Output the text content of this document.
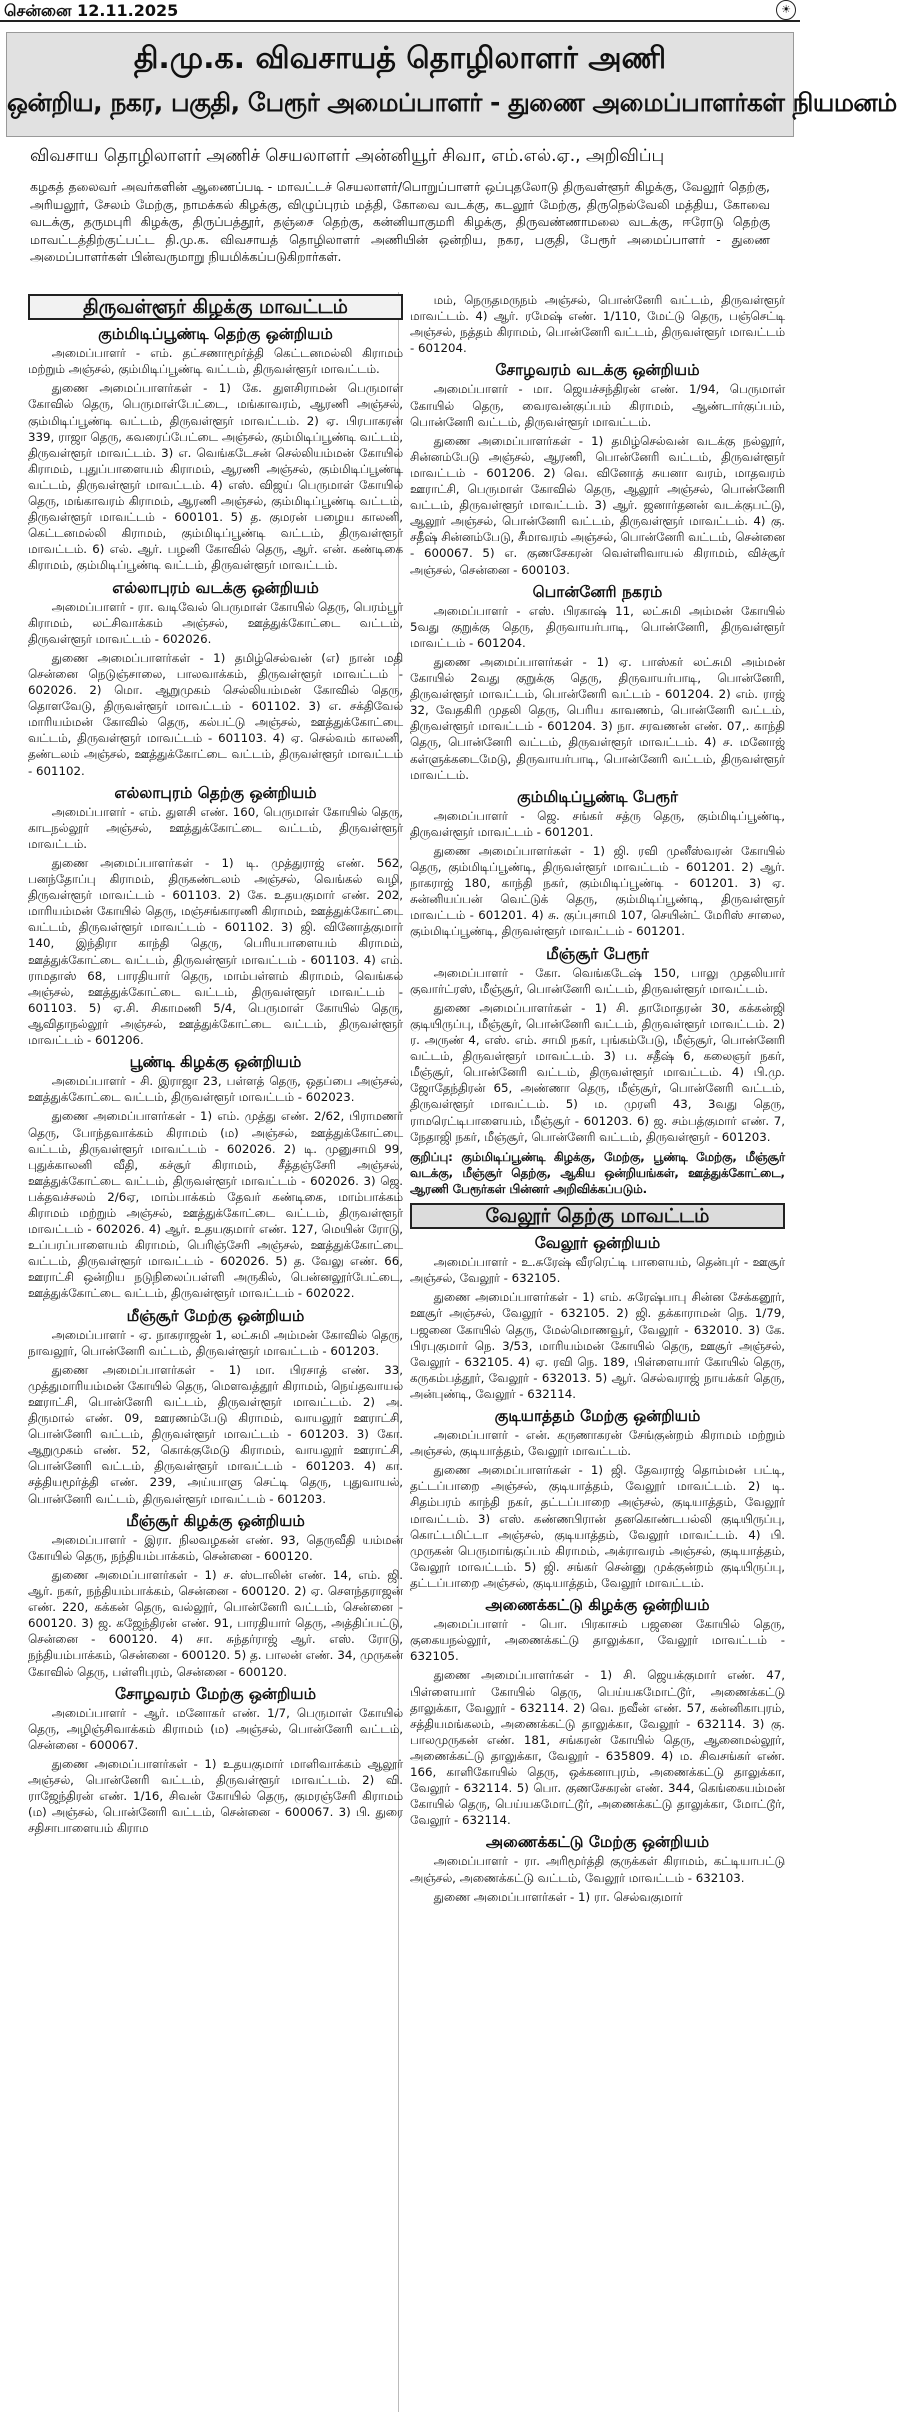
சென்னை 12.11.2025	☀
தி.மு.க. விவசாயத் தொழிலாளர் அணி
ஒன்றிய, நகர, பகுதி, பேரூர் அமைப்பாளர் - துணை அமைப்பாளர்கள் நியமனம்
விவசாய தொழிலாளர் அணிச் செயலாளர் அன்னியூர் சிவா, எம்.எல்.ஏ., அறிவிப்பு
கழகத் தலைவர் அவர்களின் ஆணைப்படி - மாவட்டச் செயலாளர்/பொறுப்பாளர் ஒப்புதலோடு திருவள்ளூர் கிழக்கு, வேலூர் தெற்கு, அரியலூர், சேலம் மேற்கு, நாமக்கல் கிழக்கு, விழுப்புரம் மத்தி, கோவை வடக்கு, கடலூர் மேற்கு, திருநெல்வேலி மத்திய, கோவை வடக்கு, தருமபுரி கிழக்கு, திருப்பத்தூர், தஞ்சை தெற்கு, கன்னியாகுமரி கிழக்கு, திருவண்ணாமலை வடக்கு, ஈரோடு தெற்கு மாவட்டத்திற்குட்பட்ட தி.மு.க. விவசாயத் தொழிலாளர் அணியின் ஒன்றிய, நகர, பகுதி, பேரூர் அமைப்பாளர் - துணை அமைப்பாளர்கள் பின்வருமாறு நியமிக்கப்படுகிறார்கள்.
திருவள்ளூர் கிழக்கு மாவட்டம்
கும்மிடிப்பூண்டி தெற்கு ஒன்றியம்
அமைப்பாளர் - எம். தட்சணாமூர்த்தி கெட்டனமல்லி கிராமம் மற்றும் அஞ்சல், கும்மிடிப்பூண்டி வட்டம், திருவள்ளூர் மாவட்டம்.
துணை அமைப்பாளர்கள் - 1) கே. துளசிராமன் பெருமாள் கோவில் தெரு, பெருமாள்பேட்டை, மங்காவரம், ஆரணி அஞ்சல், கும்மிடிப்பூண்டி வட்டம், திருவள்ளூர் மாவட்டம். 2) ஏ. பிரபாகரன் 339, ராஜா தெரு, கவரைப்பேட்டை அஞ்சல், கும்மிடிப்பூண்டி வட்டம், திருவள்ளூர் மாவட்டம். 3) எ. வெங்கடேசன் செல்லியம்மன் கோயில் கிராமம், புதுப்பாளையம் கிராமம், ஆரணி அஞ்சல், கும்மிடிப்பூண்டி வட்டம், திருவள்ளூர் மாவட்டம். 4) எஸ். விஜய் பெருமாள் கோயில் தெரு, மங்காவரம் கிராமம், ஆரணி அஞ்சல், கும்மிடிப்பூண்டி வட்டம், திருவள்ளூர் மாவட்டம் - 600101. 5) த. குமரன் பழைய காலனி, கெட்டனமல்லி கிராமம், கும்மிடிப்பூண்டி வட்டம், திருவள்ளூர் மாவட்டம். 6) எல். ஆர். பழனி கோவில் தெரு, ஆர். என். கண்டிகை கிராமம், கும்மிடிப்பூண்டி வட்டம், திருவள்ளூர் மாவட்டம்.
எல்லாபுரம் வடக்கு ஒன்றியம்
அமைப்பாளர் - ரா. வடிவேல் பெருமாள் கோயில் தெரு, பெரம்பூர் கிராமம், லட்சிவாக்கம் அஞ்சல், ஊத்துக்கோட்டை வட்டம், திருவள்ளூர் மாவட்டம் - 602026.
துணை அமைப்பாளர்கள் - 1) தமிழ்செல்வன் (எ) நான் மதி சென்னை நெடுஞ்சாலை, பாலவாக்கம், திருவள்ளூர் மாவட்டம் - 602026. 2) மொ. ஆறுமுகம் செல்லியம்மன் கோவில் தெரு, தொளவேடு, திருவள்ளூர் மாவட்டம் - 601102. 3) எ. சக்திவேல் மாரியம்மன் கோவில் தெரு, கல்பட்டு அஞ்சல், ஊத்துக்கோட்டை வட்டம், திருவள்ளூர் மாவட்டம் - 601103. 4) ஏ. செல்வம் காலனி, தண்டலம் அஞ்சல், ஊத்துக்கோட்டை வட்டம், திருவள்ளூர் மாவட்டம் - 601102.
எல்லாபுரம் தெற்கு ஒன்றியம்
அமைப்பாளர் - எம். துளசி எண். 160, பெருமாள் கோயில் தெரு, காடநல்லூர் அஞ்சல், ஊத்துக்கோட்டை வட்டம், திருவள்ளூர் மாவட்டம்.
துணை அமைப்பாளர்கள் - 1) டி. முத்துராஜ் எண். 562, பனந்தோப்பு கிராமம், திருகண்டலம் அஞ்சல், வெங்கல் வழி, திருவள்ளூர் மாவட்டம் - 601103. 2) கே. உதயகுமார் எண். 202, மாரியம்மன் கோயில் தெரு, மஞ்சங்காரணி கிராமம், ஊத்துக்கோட்டை வட்டம், திருவள்ளூர் மாவட்டம் - 601102. 3) ஜி. வினோத்குமார் 140, இந்திரா காந்தி தெரு, பெரியபாளையம் கிராமம், ஊத்துக்கோட்டை வட்டம், திருவள்ளூர் மாவட்டம் - 601103. 4) எம். ராமதாஸ் 68, பாரதியார் தெரு, மாம்பள்ளம் கிராமம், வெங்கல் அஞ்சல், ஊத்துக்கோட்டை வட்டம், திருவள்ளூர் மாவட்டம் - 601103. 5) ஏ.சி. சிகாமணி 5/4, பெருமாள் கோயில் தெரு, ஆவிதாநல்லூர் அஞ்சல், ஊத்துக்கோட்டை வட்டம், திருவள்ளூர் மாவட்டம் - 601206.
பூண்டி கிழக்கு ஒன்றியம்
அமைப்பாளர் - சி. இராஜா 23, பள்ளத் தெரு, ஒதப்பை அஞ்சல், ஊத்துக்கோட்டை வட்டம், திருவள்ளூர் மாவட்டம் - 602023.
துணை அமைப்பாளர்கள் - 1) எம். முத்து எண். 2/62, பிராமணர் தெரு, போந்தவாக்கம் கிராமம் (ம) அஞ்சல், ஊத்துக்கோட்டை வட்டம், திருவள்ளூர் மாவட்டம் - 602026. 2) டி. முனுசாமி 99, புதுக்காலனி வீதி, கச்சூர் கிராமம், சீத்தஞ்சேரி அஞ்சல், ஊத்துக்கோட்டை வட்டம், திருவள்ளூர் மாவட்டம் - 602026. 3) ஜெ. பக்தவச்சலம் 2/6ஏ, மாம்பாக்கம் தேவர் கண்டிகை, மாம்பாக்கம் கிராமம் மற்றும் அஞ்சல், ஊத்துக்கோட்டை வட்டம், திருவள்ளூர் மாவட்டம் - 602026. 4) ஆர். உதயகுமார் எண். 127, மெயின் ரோடு, உப்பரப்பாளையம் கிராமம், பெரிஞ்சேரி அஞ்சல், ஊத்துக்கோட்டை வட்டம், திருவள்ளூர் மாவட்டம் - 602026. 5) த. வேலு எண். 66, ஊராட்சி ஒன்றிய நடுநிலைப்பள்ளி அருகில், பென்னலூர்பேட்டை, ஊத்துக்கோட்டை வட்டம், திருவள்ளூர் மாவட்டம் - 602022.
மீஞ்சூர் மேற்கு ஒன்றியம்
அமைப்பாளர் - ஏ. நாகராஜன் 1, லட்சுமி அம்மன் கோவில் தெரு, நாவலூர், பொன்னேரி வட்டம், திருவள்ளூர் மாவட்டம் - 601203.
துணை அமைப்பாளர்கள் - 1) மா. பிரசாத் எண். 33, முத்துமாரியம்மன் கோயில் தெரு, மௌவத்தூர் கிராமம், நெய்தவாயல் ஊராட்சி, பொன்னேரி வட்டம், திருவள்ளூர் மாவட்டம். 2) அ. திருமால் எண். 09, ஊரணம்பேடு கிராமம், வாயலூர் ஊராட்சி, பொன்னேரி வட்டம், திருவள்ளூர் மாவட்டம் - 601203. 3) கோ. ஆறுமுகம் எண். 52, கொக்குமேடு கிராமம், வாயலூர் ஊராட்சி, பொன்னேரி வட்டம், திருவள்ளூர் மாவட்டம் - 601203. 4) கா. சத்தியமூர்த்தி எண். 239, அய்யாளு செட்டி தெரு, புதுவாயல், பொன்னேரி வட்டம், திருவள்ளூர் மாவட்டம் - 601203.
மீஞ்சூர் கிழக்கு ஒன்றியம்
அமைப்பாளர் - இரா. நிலவழகன் எண். 93, தெருவீதி யம்மன் கோயில் தெரு, நந்தியம்பாக்கம், சென்னை - 600120.
துணை அமைப்பாளர்கள் - 1) ச. ஸ்டாலின் எண். 14, எம். ஜி. ஆர். நகர், நந்தியம்பாக்கம், சென்னை - 600120. 2) ஏ. சௌந்தராஜன் எண். 220, கக்கன் தெரு, வல்லூர், பொன்னேரி வட்டம், சென்னை - 600120. 3) ஜ. கஜேந்திரன் எண். 91, பாரதியார் தெரு, அத்திப்பட்டு, சென்னை - 600120. 4) சா. சுந்தர்ராஜ் ஆர். எஸ். ரோடு, நந்தியம்பாக்கம், சென்னை - 600120. 5) த. பாலன் எண். 34, முருகன் கோவில் தெரு, பள்ளிபுரம், சென்னை - 600120.
சோழவரம் மேற்கு ஒன்றியம்
அமைப்பாளர் - ஆர். மனோகர் எண். 1/7, பெருமாள் கோயில் தெரு, அழிஞ்சிவாக்கம் கிராமம் (ம) அஞ்சல், பொன்னேரி வட்டம், சென்னை - 600067.
துணை அமைப்பாளர்கள் - 1) உதயகுமார் மாளிவாக்கம் ஆலூர் அஞ்சல், பொன்னேரி வட்டம், திருவள்ளூர் மாவட்டம். 2) வி. ராஜேந்திரன் எண். 1/16, சிவன் கோயில் தெரு, குமரஞ்சேரி கிராமம் (ம) அஞ்சல், பொன்னேரி வட்டம், சென்னை - 600067. 3) பி. துரை சதிசாபாளையம் கிராம
மம், நெருதமருநம் அஞ்சல், பொன்னேரி வட்டம், திருவள்ளூர் மாவட்டம். 4) ஆர். ரமேஷ் எண். 1/110, மேட்டு தெரு, பஞ்செட்டி அஞ்சல், நத்தம் கிராமம், பொன்னேரி வட்டம், திருவள்ளூர் மாவட்டம் - 601204.
சோழவரம் வடக்கு ஒன்றியம்
அமைப்பாளர் - மா. ஜெயச்சந்திரன் எண். 1/94, பெருமாள் கோயில் தெரு, வைரவன்குப்பம் கிராமம், ஆண்டார்குப்பம், பொன்னேரி வட்டம், திருவள்ளூர் மாவட்டம்.
துணை அமைப்பாளர்கள் - 1) தமிழ்செல்வன் வடக்கு நல்லூர், சின்னம்பேடு அஞ்சல், ஆரணி, பொன்னேரி வட்டம், திருவள்ளூர் மாவட்டம் - 601206. 2) வெ. வினோத் சுயனா வரம், மாதவரம் ஊராட்சி, பெருமாள் கோவில் தெரு, ஆலூர் அஞ்சல், பொன்னேரி வட்டம், திருவள்ளூர் மாவட்டம். 3) ஆர். ஜனார்தனன் வடக்குபட்டு, ஆலூர் அஞ்சல், பொன்னேரி வட்டம், திருவள்ளூர் மாவட்டம். 4) கு. சதீஷ் சின்னம்பேடு, சீமாவரம் அஞ்சல், பொன்னேரி வட்டம், சென்னை - 600067. 5) எ. குணசேகரன் வெள்ளிவாயல் கிராமம், விச்சூர் அஞ்சல், சென்னை - 600103.
பொன்னேரி நகரம்
அமைப்பாளர் - எஸ். பிரகாஷ் 11, லட்சுமி அம்மன் கோயில் 5வது குறுக்கு தெரு, திருவாயர்பாடி, பொன்னேரி, திருவள்ளூர் மாவட்டம் - 601204.
துணை அமைப்பாளர்கள் - 1) ஏ. பாஸ்கர் லட்சுமி அம்மன் கோயில் 2வது குறுக்கு தெரு, திருவாயர்பாடி, பொன்னேரி, திருவள்ளூர் மாவட்டம், பொன்னேரி வட்டம் - 601204. 2) எம். ராஜ் 32, வேதகிரி முதலி தெரு, பெரிய காவணம், பொன்னேரி வட்டம், திருவள்ளூர் மாவட்டம் - 601204. 3) நா. சரவணன் எண். 07,. காந்தி தெரு, பொன்னேரி வட்டம், திருவள்ளூர் மாவட்டம். 4) ச. மனோஜ் கள்ளுக்கடைமேடு, திருவாயர்பாடி, பொன்னேரி வட்டம், திருவள்ளூர் மாவட்டம்.
கும்மிடிப்பூண்டி பேரூர்
அமைப்பாளர் - ஜெ. சங்கர் சத்ரு தெரு, கும்மிடிப்பூண்டி, திருவள்ளூர் மாவட்டம் - 601201.
துணை அமைப்பாளர்கள் - 1) ஜி. ரவி முனீஸ்வரன் கோயில் தெரு, கும்மிடிப்பூண்டி, திருவள்ளூர் மாவட்டம் - 601201. 2) ஆர். நாகராஜ் 180, காந்தி நகர், கும்மிடிப்பூண்டி - 601201. 3) ஏ. சுன்னியப்பன் வெட்டுக் தெரு, கும்மிடிப்பூண்டி, திருவள்ளூர் மாவட்டம் - 601201. 4) சு. குப்புசாமி 107, செயின்ட் மேரிஸ் சாலை, கும்மிடிப்பூண்டி, திருவள்ளூர் மாவட்டம் - 601201.
மீஞ்சூர் பேரூர்
அமைப்பாளர் - கோ. வெங்கடேஷ் 150, பாலு முதலியார் குவார்ட்ரஸ், மீஞ்சூர், பொன்னேரி வட்டம், திருவள்ளூர் மாவட்டம்.
துணை அமைப்பாளர்கள் - 1) சி. தாமோதரன் 30, கக்கன்ஜி குடியிருப்பு, மீஞ்சூர், பொன்னேரி வட்டம், திருவள்ளூர் மாவட்டம். 2) ர. அருண் 4, எஸ். எம். சாமி நகர், புங்கம்பேடு, மீஞ்சூர், பொன்னேரி வட்டம், திருவள்ளூர் மாவட்டம். 3) ப. சதீஷ் 6, கலைஞர் நகர், மீஞ்சூர், பொன்னேரி வட்டம், திருவள்ளூர் மாவட்டம். 4) பி.மு. ஜோதேந்திரன் 65, அண்ணா தெரு, மீஞ்சூர், பொன்னேரி வட்டம், திருவள்ளூர் மாவட்டம். 5) ம. முரளி 43, 3வது தெரு, ராமரெட்டிபாளையம், மீஞ்சூர் - 601203. 6) ஜ. சம்பத்குமார் எண். 7, நேதாஜி நகர், மீஞ்சூர், பொன்னேரி வட்டம், திருவள்ளூர் - 601203.
குறிப்பு: கும்மிடிப்பூண்டி கிழக்கு, மேற்கு, பூண்டி மேற்கு, மீஞ்சூர் வடக்கு, மீஞ்சூர் தெற்கு, ஆகிய ஒன்றியங்கள், ஊத்துக்கோட்டை, ஆரணி பேரூர்கள் பின்னர் அறிவிக்கப்படும்.
வேலூர் தெற்கு மாவட்டம்
வேலூர் ஒன்றியம்
அமைப்பாளர் - உ.சுரேஷ் வீரரெட்டி பாளையம், தென்புர் - ஊசூர் அஞ்சல், வேலூர் - 632105.
துணை அமைப்பாளர்கள் - 1) எம். சுரேஷ்பாபு சின்ன சேக்கனூர், ஊசூர் அஞ்சல், வேலூர் - 632105. 2) ஜி. தக்காராமன் நெ. 1/79, பஜனை கோயில் தெரு, மேல்மொணவூர், வேலூர் - 632010. 3) கே. பிரபுகுமார் நெ. 3/53, மாரியம்மன் கோயில் தெரு, ஊசூர் அஞ்சல், வேலூர் - 632105. 4) ஏ. ரவி நெ. 189, பிள்ளையார் கோயில் தெரு, கருகம்பத்தூர், வேலூர் - 632013. 5) ஆர். செல்வராஜ் நாயக்கர் தெரு, அன்புண்டி, வேலூர் - 632114.
குடியாத்தம் மேற்கு ஒன்றியம்
அமைப்பாளர் - என். கருணாகரன் சேங்குன்றம் கிராமம் மற்றும் அஞ்சல், குடியாத்தம், வேலூர் மாவட்டம்.
துணை அமைப்பாளர்கள் - 1) ஜி. தேவராஜ் தொம்மன் பட்டி, தட்டப்பாறை அஞ்சல், குடியாத்தம், வேலூர் மாவட்டம். 2) டி. சிதம்பரம் காந்தி நகர், தட்டப்பாறை அஞ்சல், குடியாத்தம், வேலூர் மாவட்டம். 3) எஸ். கண்ணபிரான் தனகொண்டபல்லி குடியிருப்பு, கொட்டமிட்டா அஞ்சல், குடியாத்தம், வேலூர் மாவட்டம். 4) பி. முருகன் பெருமாங்குப்பம் கிராமம், அக்ராவரம் அஞ்சல், குடியாத்தம், வேலூர் மாவட்டம். 5) ஜி. சங்கர் சென்னு முக்குன்றம் குடியிருப்பு, தட்டப்பாறை அஞ்சல், குடியாத்தம், வேலூர் மாவட்டம்.
அணைக்கட்டு கிழக்கு ஒன்றியம்
அமைப்பாளர் - பொ. பிரகாசம் பஜனை கோயில் தெரு, குகையநல்லூர், அணைக்கட்டு தாலுக்கா, வேலூர் மாவட்டம் - 632105.
துணை அமைப்பாளர்கள் - 1) சி. ஜெயக்குமார் எண். 47, பிள்ளையார் கோயில் தெரு, பெய்யகமோட்டூர், அணைக்கட்டு தாலுக்கா, வேலூர் - 632114. 2) வெ. நவீன் எண். 57, கன்னிகாபுரம், சத்தியமங்கலம், அணைக்கட்டு தாலுக்கா, வேலூர் - 632114. 3) கு. பாலமுருகன் எண். 181, சங்கரன் கோயில் தெரு, ஆனைமல்லூர், அணைக்கட்டு தாலுக்கா, வேலூர் - 635809. 4) ம. சிவசங்கர் எண். 166, காளிகோயில் தெரு, ஒக்கனாபுரம், அணைக்கட்டு தாலுக்கா, வேலூர் - 632114. 5) பொ. குணசேகரன் எண். 344, கெங்கையம்மன் கோயில் தெரு, பெய்யகமோட்டூர், அணைக்கட்டு தாலுக்கா, மோட்டூர், வேலூர் - 632114.
அணைக்கட்டு மேற்கு ஒன்றியம்
அமைப்பாளர் - ரா. அரிமூர்த்தி குருக்கள் கிராமம், கட்டியாபட்டு அஞ்சல், அணைக்கட்டு வட்டம், வேலூர் மாவட்டம் - 632103.
துணை அமைப்பாளர்கள் - 1) ரா. செல்வகுமார்
